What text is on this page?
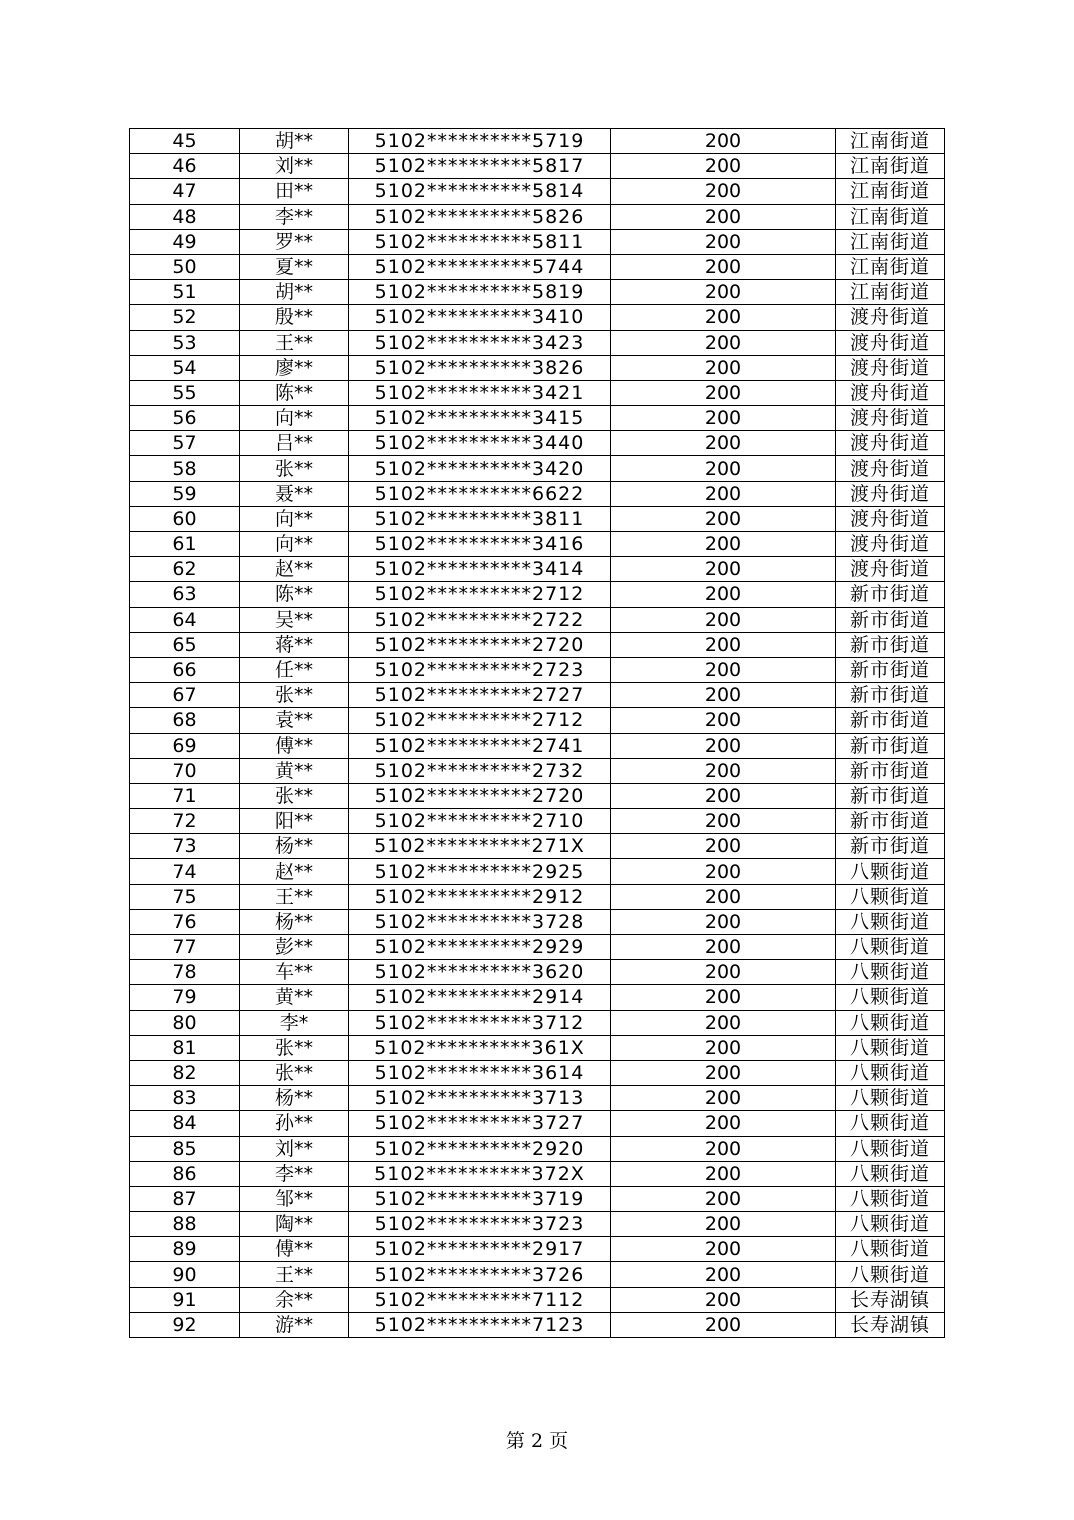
45	胡**	5102**********5719	200	江南街道
46	刘**	5102**********5817	200	江南街道
47	田**	5102**********5814	200	江南街道
48	李**	5102**********5826	200	江南街道
49	罗**	5102**********5811	200	江南街道
50	夏**	5102**********5744	200	江南街道
51	胡**	5102**********5819	200	江南街道
52	殷**	5102**********3410	200	渡舟街道
53	王**	5102**********3423	200	渡舟街道
54	廖**	5102**********3826	200	渡舟街道
55	陈**	5102**********3421	200	渡舟街道
56	向**	5102**********3415	200	渡舟街道
57	吕**	5102**********3440	200	渡舟街道
58	张**	5102**********3420	200	渡舟街道
59	聂**	5102**********6622	200	渡舟街道
60	向**	5102**********3811	200	渡舟街道
61	向**	5102**********3416	200	渡舟街道
62	赵**	5102**********3414	200	渡舟街道
63	陈**	5102**********2712	200	新市街道
64	吴**	5102**********2722	200	新市街道
65	蒋**	5102**********2720	200	新市街道
66	任**	5102**********2723	200	新市街道
67	张**	5102**********2727	200	新市街道
68	袁**	5102**********2712	200	新市街道
69	傅**	5102**********2741	200	新市街道
70	黄**	5102**********2732	200	新市街道
71	张**	5102**********2720	200	新市街道
72	阳**	5102**********2710	200	新市街道
73	杨**	5102**********271X	200	新市街道
74	赵**	5102**********2925	200	八颗街道
75	王**	5102**********2912	200	八颗街道
76	杨**	5102**********3728	200	八颗街道
77	彭**	5102**********2929	200	八颗街道
78	车**	5102**********3620	200	八颗街道
79	黄**	5102**********2914	200	八颗街道
80	李*	5102**********3712	200	八颗街道
81	张**	5102**********361X	200	八颗街道
82	张**	5102**********3614	200	八颗街道
83	杨**	5102**********3713	200	八颗街道
84	孙**	5102**********3727	200	八颗街道
85	刘**	5102**********2920	200	八颗街道
86	李**	5102**********372X	200	八颗街道
87	邹**	5102**********3719	200	八颗街道
88	陶**	5102**********3723	200	八颗街道
89	傅**	5102**********2917	200	八颗街道
90	王**	5102**********3726	200	八颗街道
91	余**	5102**********7112	200	长寿湖镇
92	游**	5102**********7123	200	长寿湖镇
第 2 页
